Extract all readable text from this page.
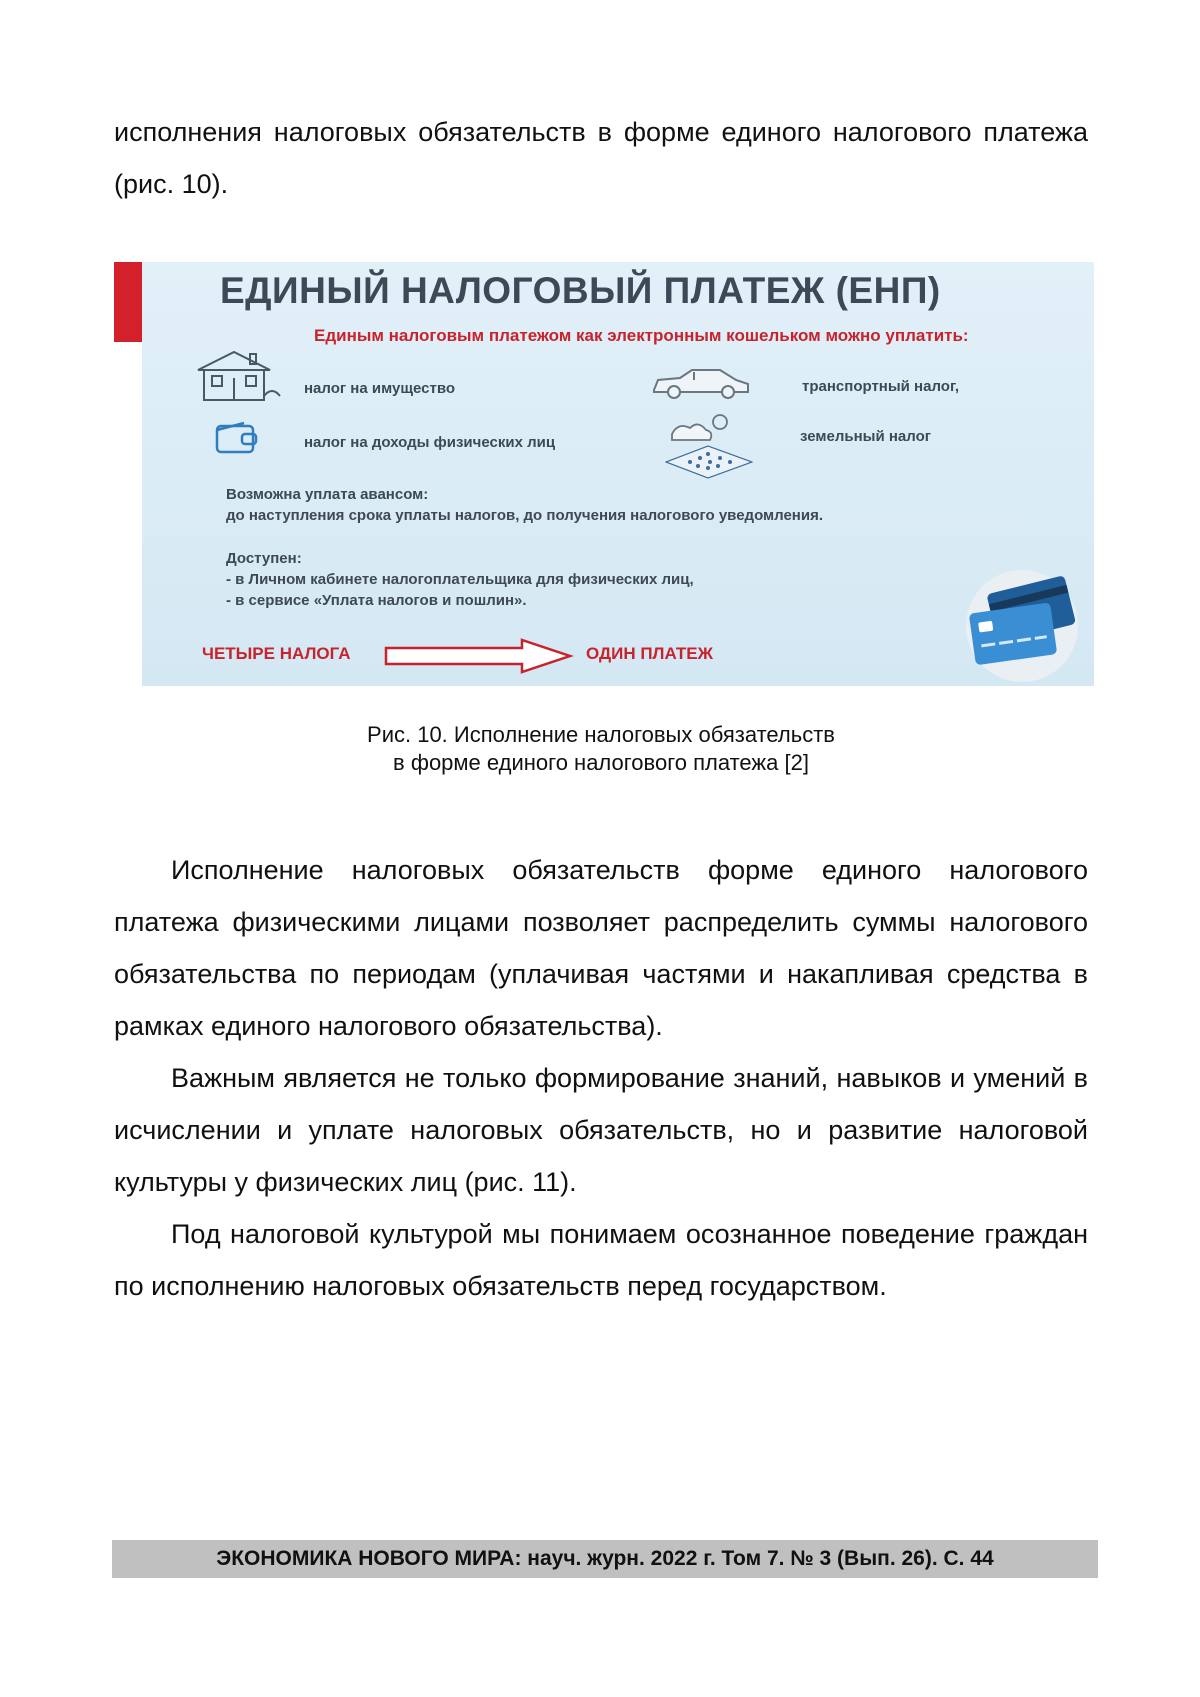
исполнения налоговых обязательств в форме единого налогового платежа (рис. 10).

ЕДИНЫЙ НАЛОГОВЫЙ ПЛАТЕЖ (ЕНП)
Единым налоговым платежом как электронным кошельком можно уплатить:
налог на имущество
налог на доходы физических лиц
транспортный налог,
земельный налог
Возможна уплата авансом:
до наступления срока уплаты налогов, до получения налогового уведомления.
Доступен:
- в Личном кабинете налогоплательщика для физических лиц,
- в сервисе «Уплата налогов и пошлин».
ЧЕТЫРЕ НАЛОГА	ОДИН ПЛАТЕЖ
Рис. 10. Исполнение налоговых обязательств
в форме единого налогового платежа [2]

Исполнение налоговых обязательств форме единого налогового платежа физическими лицами позволяет распределить суммы налогового обязательства по периодам (уплачивая частями и накапливая средства в рамках единого налогового обязательства).

Важным является не только формирование знаний, навыков и умений в исчислении и уплате налоговых обязательств, но и развитие налоговой культуры у физических лиц (рис. 11).

Под налоговой культурой мы понимаем осознанное поведение граждан по исполнению налоговых обязательств перед государством.

ЭКОНОМИКА НОВОГО МИРА: науч. журн. 2022 г. Том 7. № 3 (Вып. 26). С. 44
